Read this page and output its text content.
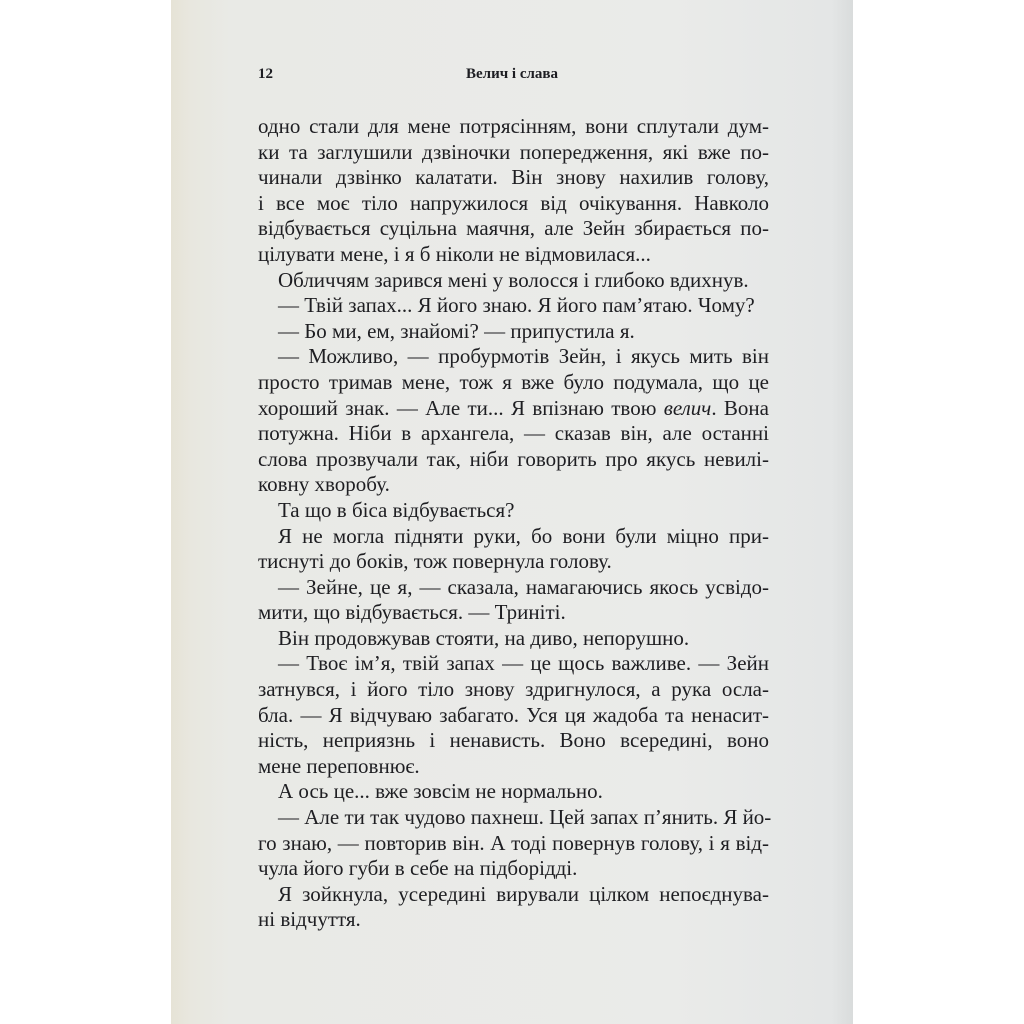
12	Велич і слава
одно стали для мене потрясінням, вони сплутали дум-
ки та заглушили дзвіночки попередження, які вже по-
чинали дзвінко калатати. Він знову нахилив голову,
і все моє тіло напружилося від очікування. Навколо
відбувається суцільна маячня, але Зейн збирається по-
цілувати мене, і я б ніколи не відмовилася...
Обличчям зарився мені у волосся і глибоко вдихнув.
— Твій запах... Я його знаю. Я його пам’ятаю. Чому?
— Бо ми, ем, знайомі? — припустила я.
— Можливо, — пробурмотів Зейн, і якусь мить він
просто тримав мене, тож я вже було подумала, що це
хороший знак. — Але ти... Я впізнаю твою велич. Вона
потужна. Ніби в архангела, — сказав він, але останні
слова прозвучали так, ніби говорить про якусь невилі-
ковну хворобу.
Та що в біса відбувається?
Я не могла підняти руки, бо вони були міцно при-
тиснуті до боків, тож повернула голову.
— Зейне, це я, — сказала, намагаючись якось усвідо-
мити, що відбувається. — Триніті.
Він продовжував стояти, на диво, непорушно.
— Твоє ім’я, твій запах — це щось важливе. — Зейн
затнувся, і його тіло знову здригнулося, а рука осла-
бла. — Я відчуваю забагато. Уся ця жадоба та ненасит-
ність, неприязнь і ненависть. Воно всередині, воно
мене переповнює.
А ось це... вже зовсім не нормально.
— Але ти так чудово пахнеш. Цей запах п’янить. Я йо-
го знаю, — повторив він. А тоді повернув голову, і я від-
чула його губи в себе на підборідді.
Я зойкнула, усередині вирували цілком непоєднува-
ні відчуття.
